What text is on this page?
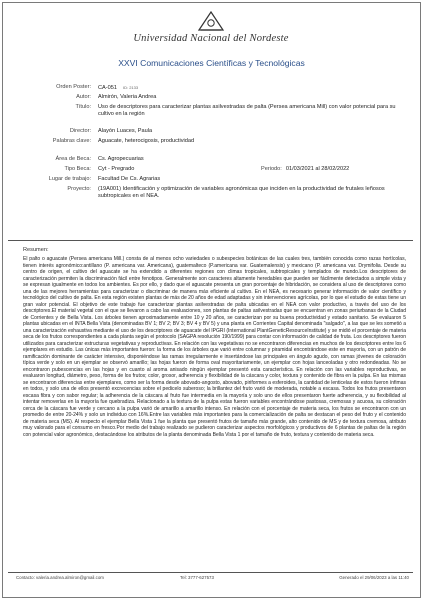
Universidad Nacional del Nordeste
XXVI Comunicaciones Científicas y Tecnológicas
Orden Poster: CA-051 ID: 2133
Autor: Almirón, Valeria Andrea
Título: Uso de descriptores para caracterizar plantas asilvestradas de palta (Persea americana Mill) con valor potencial para su cultivo en la región
Director: Alayón Luaces, Paula
Palabras clave: Aguacate, heterocigosis, productividad
Área de Beca: Cs. Agropecuarias
Tipo Beca: Cyt - Pregrado	Periodo: 01/03/2021 al 28/02/2022
Lugar de trabajo: Facultad De Cs. Agrarias
Proyecto: (19A001) Identificación y optimización de variables agronómicas que inciden en la productividad de frutales leñosos subtropicales en el NEA.
Resumen:

El palto o aguacate (Persea americana Mill.) consta de al menos ocho variedades o subespecies botánicas de las cuales tres, también conocida como razas hortícolas, tienen interés agronómico:antillano (P. americana var. Americana), guatemalteco (P.americana var. Guatemalensis) y mexicano (P. americana var. Drymifolia. Desde su centro de origen, el cultivo del aguacate se ha extendido a diferentes regiones con climas tropicales, subtropicales y templados de mundo.Los descriptores de caracterización permiten la discriminación fácil entre fenotipos. Generalmente son caracteres altamente heredables que pueden ser fácilmente detectados a simple vista y se expresan igualmente en todos los ambientes. Es por ello, y dado que el aguacate presenta un gran porcentaje de hibridación, se considera al uso de descriptores como una de las mejores herramientas para caracterizar o discriminar de manera más eficiente al cultivo. En el NEA, es necesario generar información de valor científico y tecnológico del cultivo de palta. En esta región existen plantas de más de 20 años de edad adaptadas y sin intervenciones agrícolas, por lo que el estudio de estas tiene un gran valor potencial. El objetivo de este trabajo fue caracterizar plantas asilvestradas de palta ubicadas en el NEA con valor productivo, a través del uso de los descriptores.El material vegetal con el que se llevaron a cabo las evaluaciones, son plantas de paltas asilvestradas que se encuentran en zonas periurbanas de la Ciudad de Corrientes y de Bella Vista. Los árboles tienen aproximadamente entre 10 y 20 años, se caracterizan por su buena productividad y estado sanitario. Se evaluaron 5 plantas ubicadas en el INTA Bella Vista (denominadas BV 1; BV 2; BV 3; BV 4 y BV 5) y una planta en Corrientes Capital denominada "salgado", a las que se les sometió a una caracterización exhaustiva mediante el uso de los descriptores de aguacate del IPGRI (International PlantGeneticResourceInstitute) y se midió el porcentaje de materia seca de los frutos correspondientes a cada planta según el protocolo (SAGPA resolución 190/1999) para contar con información de calidad de fruta. Los descriptores fueron utilizados para caracterizar estructuras vegetativas y reproductivas. En relación con las vegetativas no se encontraron diferencias en muchos de los descriptores entre los 6 ejemplares en estudio. Las únicas más importantes fueron: la forma de los árboles que varió entre columnar y piramidal encontrándose este en mayoría, con un patrón de ramificación dominante de carácter intensivo, disponiéndose las ramas irregularmente e insertándose las principales en ángulo agudo, con ramas jóvenes de coloración típica verde y solo en un ejemplar se observó amarillo; las hojas fueron de forma oval mayoritariamente, un ejemplar con hojas lanceoladas y otro redondeadas. No se encontraron pubescencias en las hojas y en cuanto al aroma anisado ningún ejemplar presentó esta característica. En relación con las variables reproductivas, se evaluaron longitud, diámetro, peso, forma de los frutos; color, grosor, adherencia y flexibilidad de la cáscara y color, textura y contenido de fibra en la pulpa. En las mismas se encontraron diferencias entre ejemplares, como ser la forma desde abovado-angosto, abovado, piriformes a esferoides, la cantidad de lenticelas de estos fueron ínfimas en todos, y solo una de ellos presentó excrecencias sobre el pedicelo suberoso; la brillantez del fruto varió de moderada, notable a escasa. Todos los frutos presentaron escasa fibra y con sabor regular; la adherencia de la cáscara al fruto fue intermedia en la mayoría y solo uno de ellos presentaron fuerte adherencia, y su flexibilidad al intentar removerlas en la mayoría fue quebradiza. Relacionado a la textura de la pulpa estas fueron variables encontrándose pastosas, cremosas y acuosa, su coloración cerca de la cáscara fue verde y cercano a la pulpa varió de amarillo a amarillo intenso. En relación con el porcentaje de materia seca, los frutos se encontraron con un promedio de entre 20-24% y solo un individuo con 16%.Entre las variables más importantes para la comercialización de palta se destacan el peso del fruto y el contenido de materia seca (MS). Al respecto el ejemplar Bella Vista 1 fue la planta que presentó frutos de tamaño más grande, alto contenido de MS y de textura cremosa, atributo muy valorado para el consumo en fresco.Por medio del trabajo realizado se pudieron caracterizar aspectos morfológicos y productivos de 6 plantas de paltas de la región con potencial valor agronómico, destacándose los atributos de la planta denominada Bella Vista 1 por el tamaño de fruto, textura y contenido de materia seca.

Contacto: valeria.andrea.almiron@gmail.com	Tel: 3777-627573	Generado el 29/06/2023 a las 11:40
